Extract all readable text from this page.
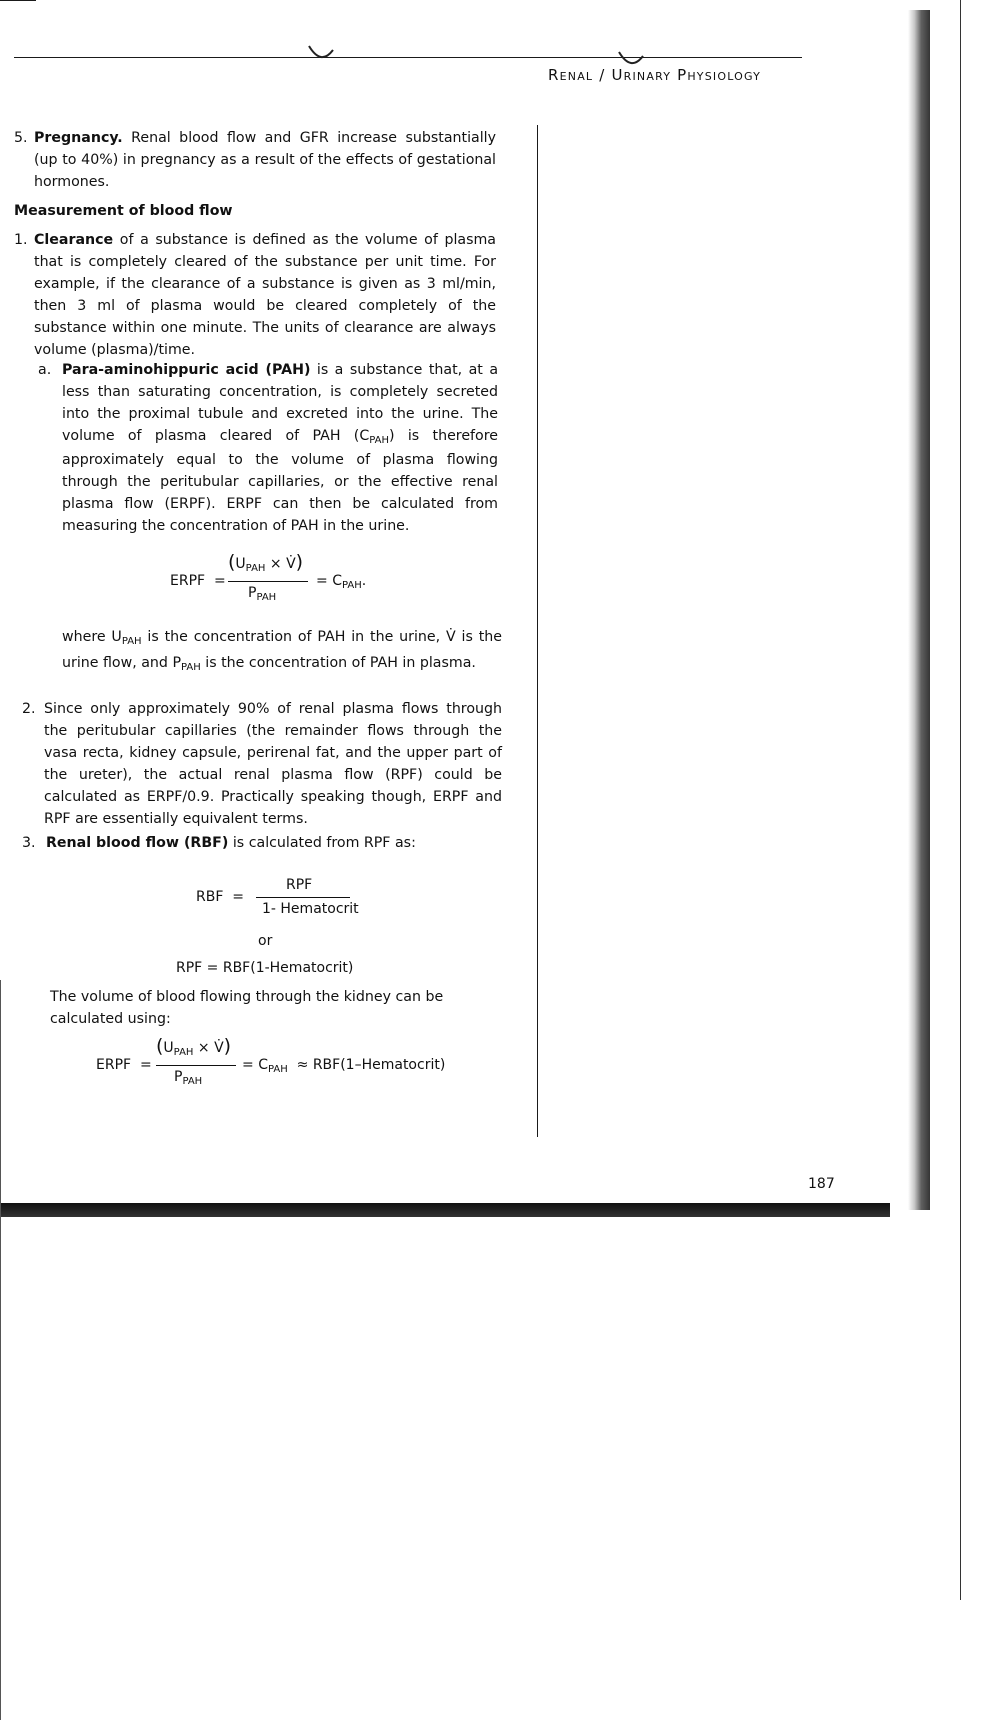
Renal / Urinary Physiology
5. Pregnancy. Renal blood flow and GFR increase substantially (up to 40%) in pregnancy as a result of the effects of gestational hormones.
Measurement of blood flow
1. Clearance of a substance is defined as the volume of plasma that is completely cleared of the substance per unit time. For example, if the clearance of a substance is given as 3 ml/min, then 3 ml of plasma would be cleared completely of the substance within one minute. The units of clearance are always volume (plasma)/time.
a. Para-aminohippuric acid (PAH) is a substance that, at a less than saturating concentration, is completely secreted into the proximal tubule and excreted into the urine. The volume of plasma cleared of PAH $(C_{PAH})$ is therefore approximately equal to the volume of plasma flowing through the peritubular capillaries, or the effective renal plasma flow (ERPF). ERPF can then be calculated from measuring the concentration of PAH in the urine.
ERPF =
($U_{PAH}$ × V̇)
$P_{PAH}$
= $C_{PAH}$.
where $U_{PAH}$ is the concentration of PAH in the urine, V̇ is the urine flow, and $P_{PAH}$ is the concentration of PAH in plasma.
2. Since only approximately 90% of renal plasma flows through the peritubular capillaries (the remainder flows through the vasa recta, kidney capsule, perirenal fat, and the upper part of the ureter), the actual renal plasma flow (RPF) could be calculated as ERPF/0.9. Practically speaking though, ERPF and RPF are essentially equivalent terms.
3. Renal blood flow (RBF) is calculated from RPF as:
RBF =
RPF
1- Hematocrit
or
RPF = RBF(1-Hematocrit)
The volume of blood flowing through the kidney can be calculated using:
ERPF =
($U_{PAH}$ × V̇)
$P_{PAH}$
= $C_{PAH}$ ≈ RBF(1–Hematocrit)
187
